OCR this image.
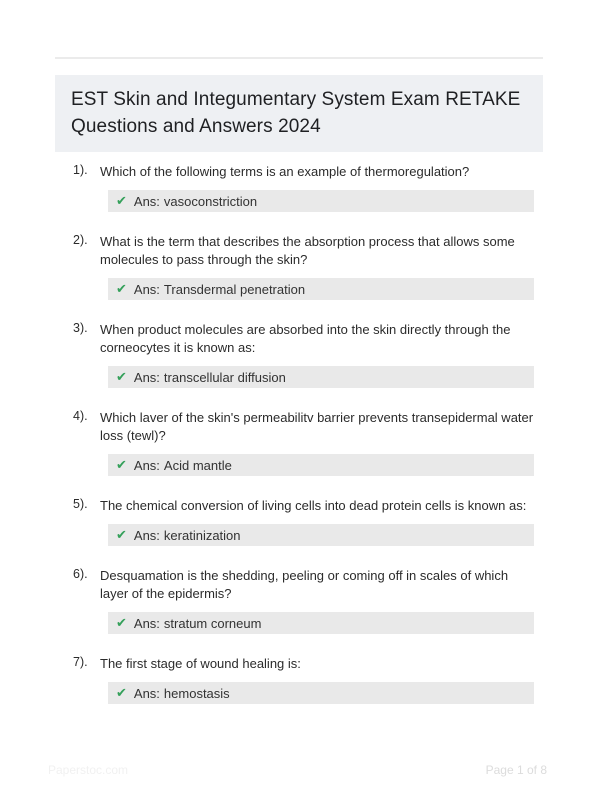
EST Skin and Integumentary System Exam RETAKE Questions and Answers 2024
1). Which of the following terms is an example of thermoregulation?

✔ Ans: vasoconstriction
2). What is the term that describes the absorption process that allows some molecules to pass through the skin?

✔ Ans: Transdermal penetration
3). When product molecules are absorbed into the skin directly through the corneocytes it is known as:

✔ Ans: transcellular diffusion
4). Which laver of the skin's permeabilitv barrier prevents transepidermal water loss (tewl)?

✔ Ans: Acid mantle
5). The chemical conversion of living cells into dead protein cells is known as:

✔ Ans: keratinization
6). Desquamation is the shedding, peeling or coming off in scales of which layer of the epidermis?

✔ Ans: stratum corneum
7). The first stage of wound healing is:

✔ Ans: hemostasis
Paperstoc.com	Page 1 of 8
